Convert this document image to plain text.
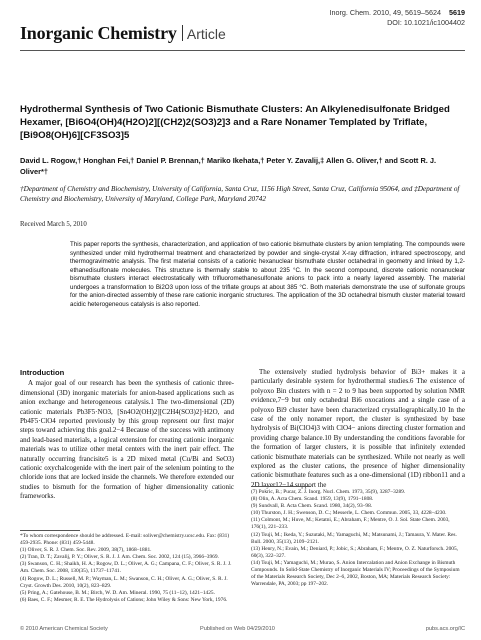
Inorg. Chem. 2010, 49, 5619–5624 5619
DOI: 10.1021/ic1004402
Inorganic Chemistry Article
Hydrothermal Synthesis of Two Cationic Bismuthate Clusters: An Alkylenedisulfonate Bridged Hexamer, [Bi6O4(OH)4(H2O)2][(CH2)2(SO3)2]3 and a Rare Nonamer Templated by Triflate, [Bi9O8(OH)6][CF3SO3]5
David L. Rogow,† Honghan Fei,† Daniel P. Brennan,† Mariko Ikehata,† Peter Y. Zavalij,‡ Allen G. Oliver,† and Scott R. J. Oliver*†
†Department of Chemistry and Biochemistry, University of California, Santa Cruz, 1156 High Street, Santa Cruz, California 95064, and ‡Department of Chemistry and Biochemistry, University of Maryland, College Park, Maryland 20742
Received March 5, 2010
This paper reports the synthesis, characterization, and application of two cationic bismuthate clusters by anion templating. The compounds were synthesized under mild hydrothermal treatment and characterized by powder and single-crystal X-ray diffraction, infrared spectroscopy, and thermogravimetric analysis. The first material consists of a cationic hexanuclear bismuthate cluster octahedral in geometry and linked by 1,2-ethanedisulfonate molecules. This structure is thermally stable to about 235 °C. In the second compound, discrete cationic nonanuclear bismuthate clusters interact electrostatically with trifluoromethanesulfonate anions to pack into a nearly layered assembly. The material undergoes a transformation to Bi2O3 upon loss of the triflate groups at about 385 °C. Both materials demonstrate the use of sulfonate groups for the anion-directed assembly of these rare cationic inorganic structures. The application of the 3D octahedral bismuth cluster material toward acidic heterogeneous catalysis is also reported.
Introduction

A major goal of our research has been the synthesis of cationic three-dimensional (3D) inorganic materials for anion-based applications such as anion exchange and heterogeneous catalysis.1 The two-dimensional (2D) cationic materials Pb3F5·NO3, [Sn4O2(OH)2][C2H4(SO3)2]·H2O, and Pb4F5·ClO4 reported previously by this group represent our first major steps toward achieving this goal.2−4 Because of the success with antimony and lead-based materials, a logical extension for creating cationic inorganic materials was to utilize other metal centers with the inert pair effect. The naturally occurring francisite5 is a 2D mixed metal (Cu/Bi and SeO3) cationic oxychalcogenide with the inert pair of the selenium pointing to the chloride ions that are locked inside the channels. We therefore extended our studies to bismuth for the formation of higher dimensionality cationic frameworks.

The extensively studied hydrolysis behavior of Bi3+ makes it a particularly desirable system for hydrothermal studies.6 The existence of polyoxo Bin clusters with n = 2 to 9 has been supported by solution NMR evidence,7−9 but only octahedral Bi6 oxocations and a single case of a polyoxo Bi9 cluster have been characterized crystallographically.10 In the case of the only nonamer report, the cluster is synthesized by base hydrolysis of Bi(ClO4)3 with ClO4− anions directing cluster formation and providing charge balance.10 By understanding the conditions favorable for the formation of larger clusters, it is possible that infinitely extended cationic bismuthate materials can be synthesized. While not nearly as well explored as the cluster cations, the presence of higher dimensionality cationic bismuthate features such as a one-dimensional (1D) ribbon11 and a 2D layer12−14 support the

*To whom correspondence should be addressed. E-mail: soliver@chemistry.ucsc.edu. Fax: (831) 459-2935. Phone: (831) 459-5448.
(1) Oliver, S. R. J. Chem. Soc. Rev. 2009, 38(7), 1868–1881.
(2) Tran, D. T.; Zavalij, P. Y.; Oliver, S. R. J. J. Am. Chem. Soc. 2002, 124 (15), 3966–3969.
(3) Swanson, C. H.; Shaikh, H. A.; Rogow, D. L.; Oliver, A. G.; Campana, C. F.; Oliver, S. R. J. J. Am. Chem. Soc. 2008, 130(35), 11737–11741.
(4) Rogow, D. L.; Russell, M. P.; Wayman, L. M.; Swanson, C. H.; Oliver, A. G.; Oliver, S. R. J. Cryst. Growth Des. 2010, 10(2), 823–829.
(5) Pring, A.; Gatehouse, B. M.; Birch, W. D. Am. Mineral. 1990, 75 (11−12), 1421–1425.
(6) Baes, C. F.; Mesmer, R. E. The Hydrolysis of Cations; John Wiley & Sons: New York, 1976.
(7) Pokric, B.; Pucar, Z. J. Inorg. Nucl. Chem. 1973, 35(9), 3287–3289.
(8) Olin, A. Acta Chem. Scand. 1959, 13(9), 1791–1808.
(9) Sundvall, B. Acta Chem. Scand. 1980, 34(2), 93–98.
(10) Thurston, J. H.; Swenson, D. C.; Messerle, L. Chem. Commun. 2005, 33, 4228–4230.
(11) Colmont, M.; Huve, M.; Ketatni, E.; Abraham, F.; Mentre, O. J. Sol. State Chem. 2003, 176(1), 221–233.
(12) Tsuji, M.; Ikeda, Y.; Suzutaki, M.; Yamaguchi, M.; Matsunami, J.; Tamaura, Y. Mater. Res. Bull. 2000, 35(13), 2109–2121.
(13) Henry, N.; Evain, M.; Deniard, P.; Jobic, S.; Abraham, F.; Mentre, O. Z. Naturforsch. 2005, 60(3), 322–327.
(14) Tsuji, M.; Yamaguchi, M.; Murao, S. Anion Intercalation and Anion Exchange in Bismuth Compounds. In Solid-State Chemistry of Inorganic Materials IV; Proceedings of the Symposium of the Materials Research Society, Dec 2–6, 2002, Boston, MA; Materials Research Society: Warrendale, PA, 2003; pp 197–202.
© 2010 American Chemical Society	Published on Web 04/29/2010	pubs.acs.org/IC
